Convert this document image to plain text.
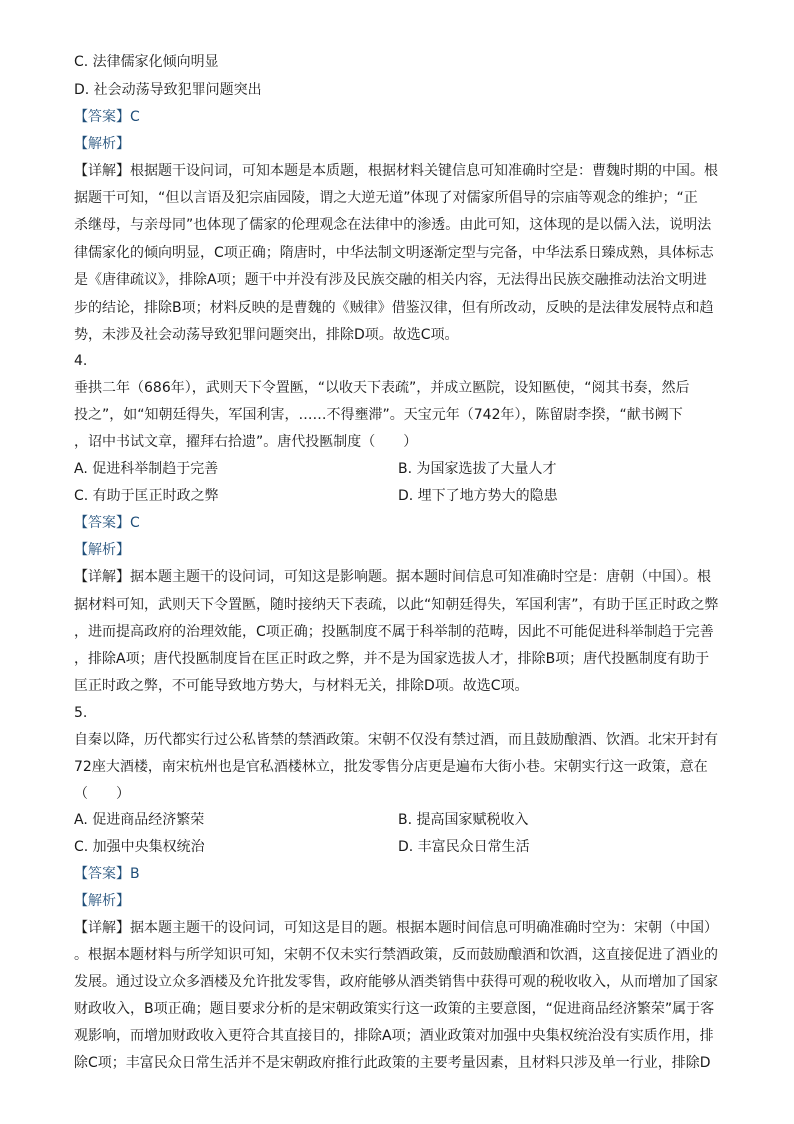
C. 法律儒家化倾向明显
D. 社会动荡导致犯罪问题突出
【答案】C
【解析】
【详解】根据题干设问词，可知本题是本质题，根据材料关键信息可知准确时空是：曹魏时期的中国。根
据题干可知，“但以言语及犯宗庙园陵，谓之大逆无道”体现了对儒家所倡导的宗庙等观念的维护；“正
杀继母，与亲母同”也体现了儒家的伦理观念在法律中的渗透。由此可知，这体现的是以儒入法，说明法
律儒家化的倾向明显，C项正确；隋唐时，中华法制文明逐渐定型与完备，中华法系日臻成熟，具体标志
是《唐律疏议》，排除A项；题干中并没有涉及民族交融的相关内容，无法得出民族交融推动法治文明进
步的结论，排除B项；材料反映的是曹魏的《贼律》借鉴汉律，但有所改动，反映的是法律发展特点和趋
势，未涉及社会动荡导致犯罪问题突出，排除D项。故选C项。
4.
垂拱二年（686年），武则天下令置匦，“以收天下表疏”，并成立匦院，设知匦使，“阅其书奏，然后
投之”，如“知朝廷得失，军国利害，……不得壅滞”。天宝元年（742年），陈留尉李揆，“献书阙下
，诏中书试文章，擢拜右拾遗”。唐代投匦制度（　　）
A. 促进科举制趋于完善	B. 为国家选拔了大量人才
C. 有助于匡正时政之弊	D. 埋下了地方势大的隐患
【答案】C
【解析】
【详解】据本题主题干的设问词，可知这是影响题。据本题时间信息可知准确时空是：唐朝（中国）。根
据材料可知，武则天下令置匦，随时接纳天下表疏，以此“知朝廷得失，军国利害”，有助于匡正时政之弊
，进而提高政府的治理效能，C项正确；投匦制度不属于科举制的范畴，因此不可能促进科举制趋于完善
，排除A项；唐代投匦制度旨在匡正时政之弊，并不是为国家选拔人才，排除B项；唐代投匦制度有助于
匡正时政之弊，不可能导致地方势大，与材料无关，排除D项。故选C项。
5.
自秦以降，历代都实行过公私皆禁的禁酒政策。宋朝不仅没有禁过酒，而且鼓励酿酒、饮酒。北宋开封有
72座大酒楼，南宋杭州也是官私酒楼林立，批发零售分店更是遍布大街小巷。宋朝实行这一政策，意在
（　　）
A. 促进商品经济繁荣	B. 提高国家赋税收入
C. 加强中央集权统治	D. 丰富民众日常生活
【答案】B
【解析】
【详解】据本题主题干的设问词，可知这是目的题。根据本题时间信息可明确准确时空为：宋朝（中国）
。根据本题材料与所学知识可知，宋朝不仅未实行禁酒政策，反而鼓励酿酒和饮酒，这直接促进了酒业的
发展。通过设立众多酒楼及允许批发零售，政府能够从酒类销售中获得可观的税收收入，从而增加了国家
财政收入，B项正确；题目要求分析的是宋朝政策实行这一政策的主要意图，“促进商品经济繁荣”属于客
观影响，而增加财政收入更符合其直接目的，排除A项；酒业政策对加强中央集权统治没有实质作用，排
除C项；丰富民众日常生活并不是宋朝政府推行此政策的主要考量因素，且材料只涉及单一行业，排除D
